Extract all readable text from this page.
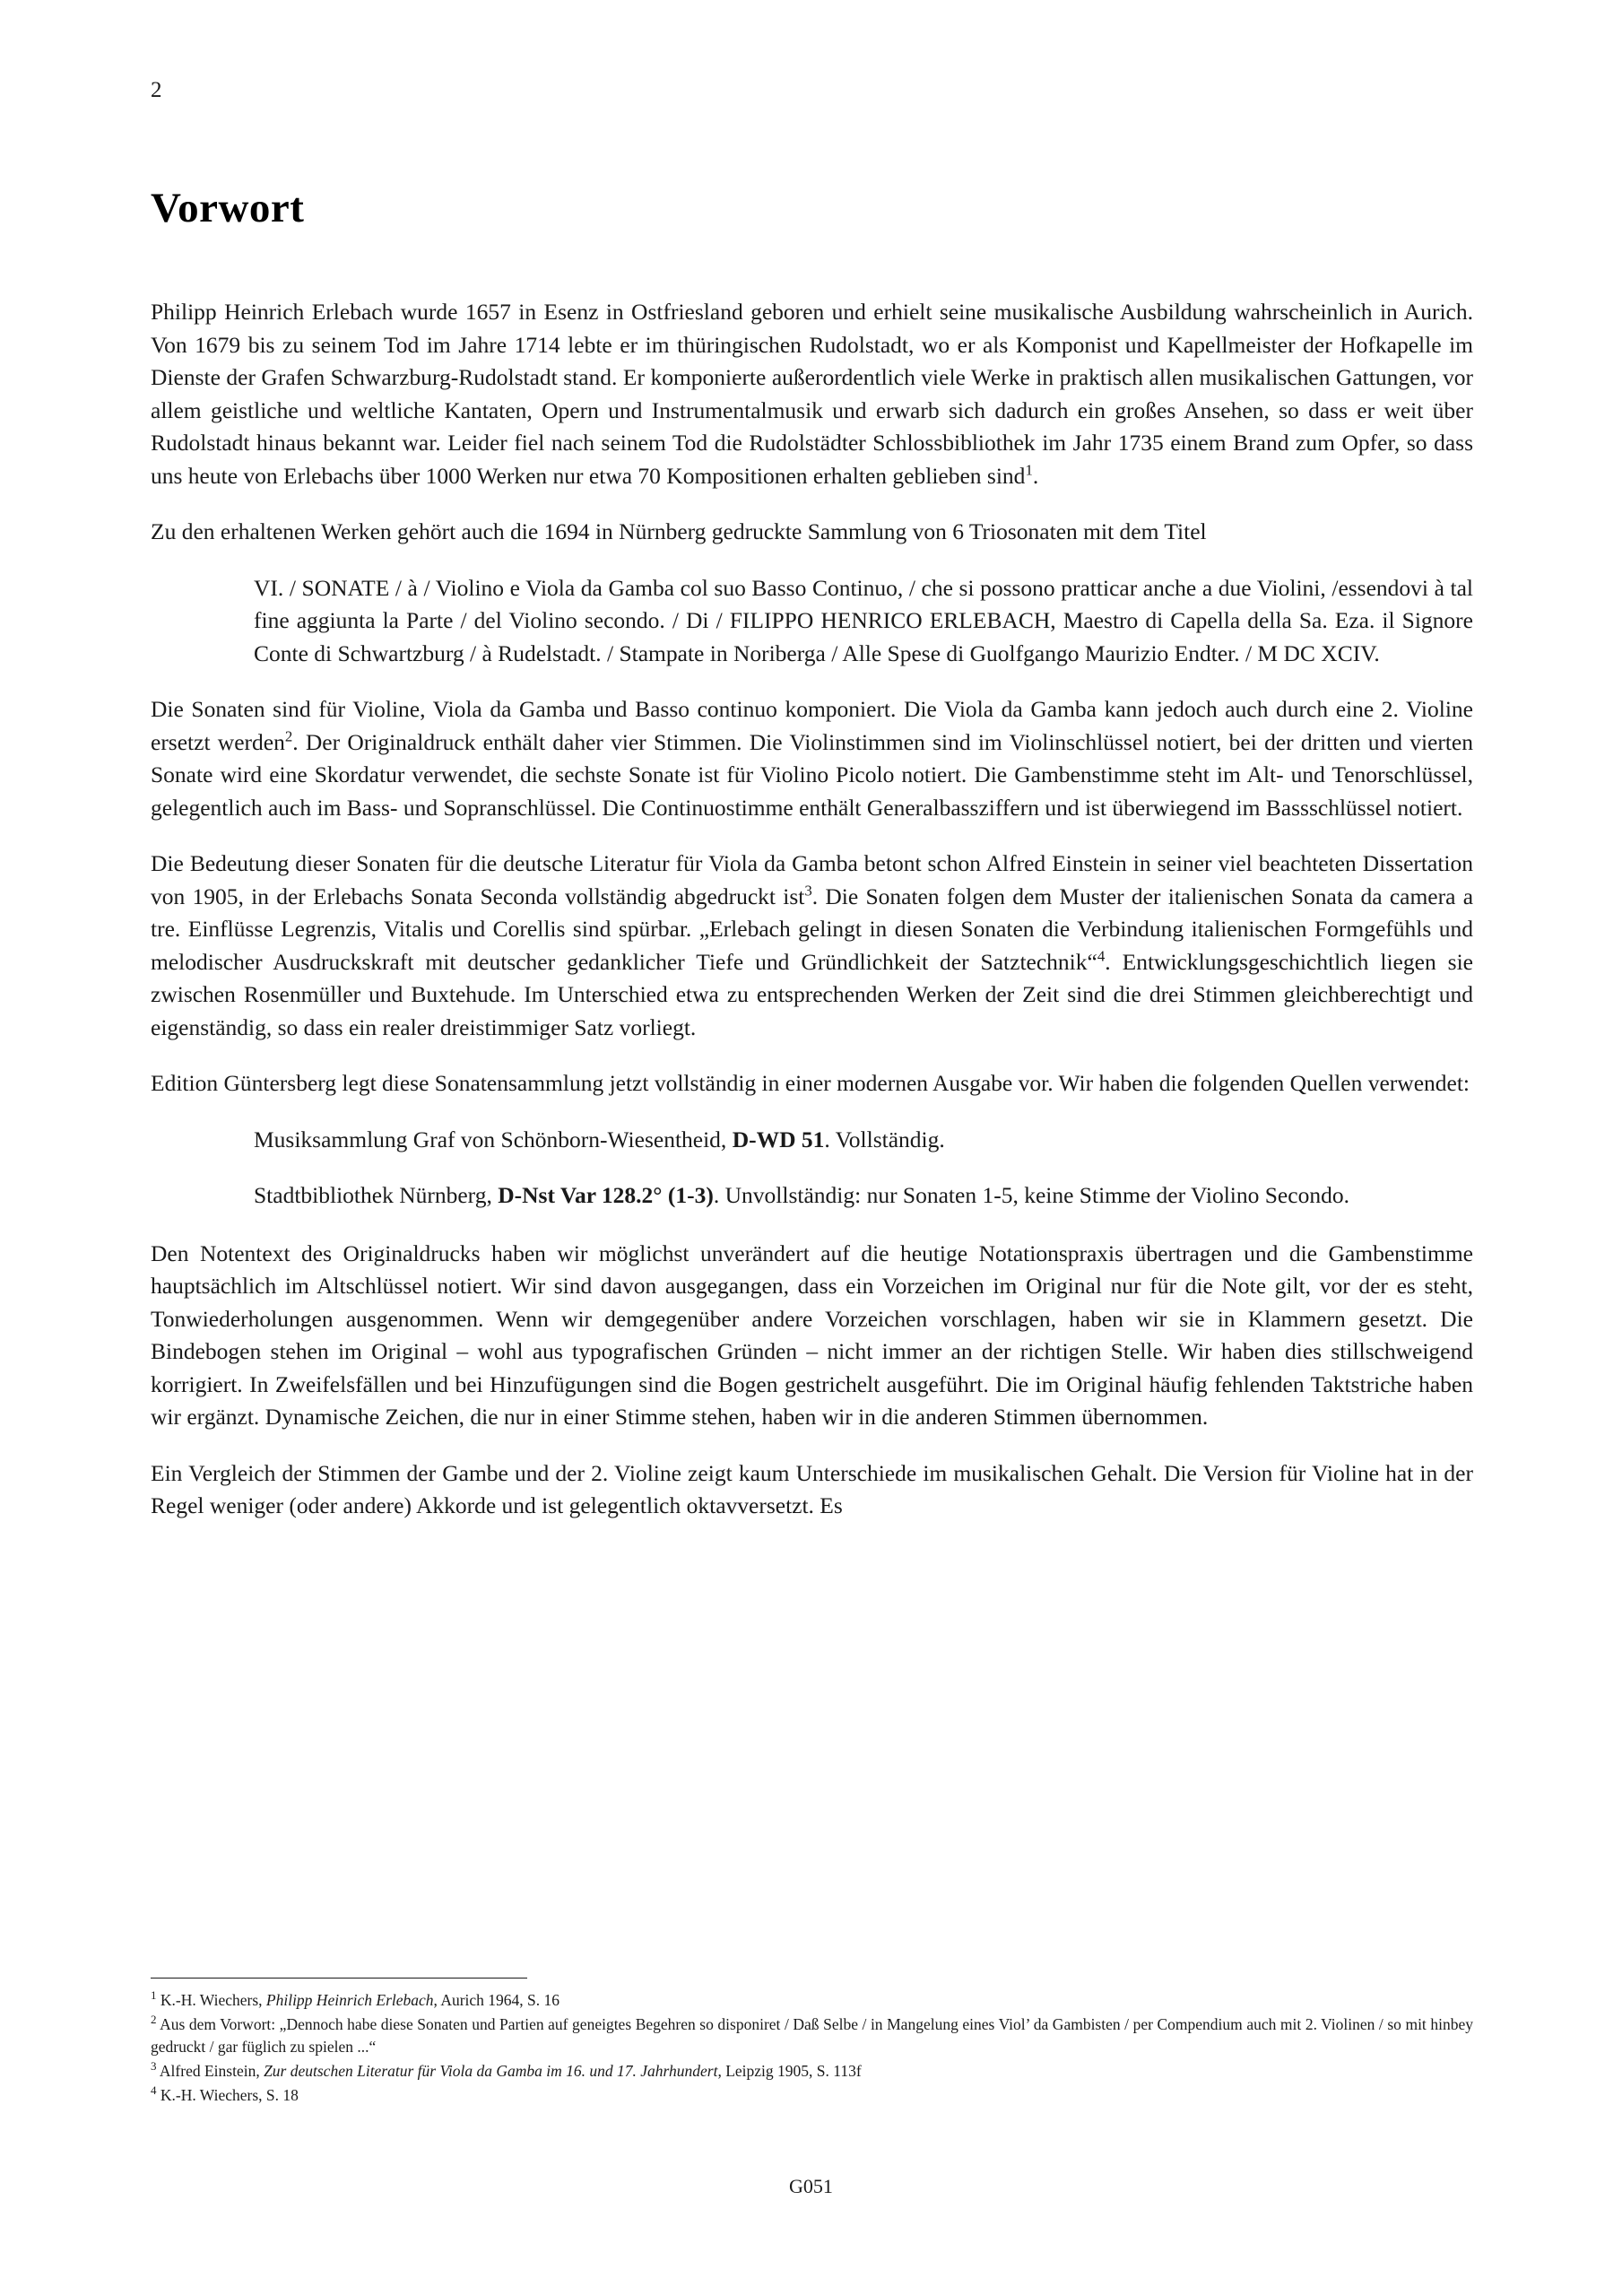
2
Vorwort

Philipp Heinrich Erlebach wurde 1657 in Esenz in Ostfriesland geboren und erhielt seine musikalische Ausbildung wahrscheinlich in Aurich. Von 1679 bis zu seinem Tod im Jahre 1714 lebte er im thüringischen Rudolstadt, wo er als Komponist und Kapellmeister der Hofkapelle im Dienste der Grafen Schwarzburg-Rudolstadt stand. Er komponierte außerordentlich viele Werke in praktisch allen musikalischen Gattungen, vor allem geistliche und weltliche Kantaten, Opern und Instrumentalmusik und erwarb sich dadurch ein großes Ansehen, so dass er weit über Rudolstadt hinaus bekannt war. Leider fiel nach seinem Tod die Rudolstädter Schlossbibliothek im Jahr 1735 einem Brand zum Opfer, so dass uns heute von Erlebachs über 1000 Werken nur etwa 70 Kompositionen erhalten geblieben sind$^1$.

Zu den erhaltenen Werken gehört auch die 1694 in Nürnberg gedruckte Sammlung von 6 Triosonaten mit dem Titel

VI. / SONATE / à / Violino e Viola da Gamba col suo Basso Continuo, / che si possono pratticar anche a due Violini, /essendovi à tal fine aggiunta la Parte / del Violino secondo. / Di / FILIPPO HENRICO ERLEBACH, Maestro di Capella della Sa. Eza. il Signore Conte di Schwartzburg / à Rudelstadt. / Stampate in Noriberga / Alle Spese di Guolfgango Maurizio Endter. / M DC XCIV.

Die Sonaten sind für Violine, Viola da Gamba und Basso continuo komponiert. Die Viola da Gamba kann jedoch auch durch eine 2. Violine ersetzt werden$^2$. Der Originaldruck enthält daher vier Stimmen. Die Violinstimmen sind im Violinschlüssel notiert, bei der dritten und vierten Sonate wird eine Skordatur verwendet, die sechste Sonate ist für Violino Picolo notiert. Die Gambenstimme steht im Alt- und Tenorschlüssel, gelegentlich auch im Bass- und Sopranschlüssel. Die Continuostimme enthält Generalbassziffern und ist überwiegend im Bassschlüssel notiert.

Die Bedeutung dieser Sonaten für die deutsche Literatur für Viola da Gamba betont schon Alfred Einstein in seiner viel beachteten Dissertation von 1905, in der Erlebachs Sonata Seconda vollständig abgedruckt ist$^3$. Die Sonaten folgen dem Muster der italienischen Sonata da camera a tre. Einflüsse Legrenzis, Vitalis und Corellis sind spürbar. „Erlebach gelingt in diesen Sonaten die Verbindung italienischen Formgefühls und melodischer Ausdruckskraft mit deutscher gedanklicher Tiefe und Gründlichkeit der Satztechnik“$^4$. Entwicklungsgeschichtlich liegen sie zwischen Rosenmüller und Buxtehude. Im Unterschied etwa zu entsprechenden Werken der Zeit sind die drei Stimmen gleichberechtigt und eigenständig, so dass ein realer dreistimmiger Satz vorliegt.

Edition Güntersberg legt diese Sonatensammlung jetzt vollständig in einer modernen Ausgabe vor. Wir haben die folgenden Quellen verwendet:

Musiksammlung Graf von Schönborn-Wiesentheid, D-WD 51. Vollständig.

Stadtbibliothek Nürnberg, D-Nst Var 128.2° (1-3). Unvollständig: nur Sonaten 1-5, keine Stimme der Violino Secondo.

Den Notentext des Originaldrucks haben wir möglichst unverändert auf die heutige Notationspraxis übertragen und die Gambenstimme hauptsächlich im Altschlüssel notiert. Wir sind davon ausgegangen, dass ein Vorzeichen im Original nur für die Note gilt, vor der es steht, Tonwiederholungen ausgenommen. Wenn wir demgegenüber andere Vorzeichen vorschlagen, haben wir sie in Klammern gesetzt. Die Bindebogen stehen im Original – wohl aus typografischen Gründen – nicht immer an der richtigen Stelle. Wir haben dies stillschweigend korrigiert. In Zweifelsfällen und bei Hinzufügungen sind die Bogen gestrichelt ausgeführt. Die im Original häufig fehlenden Taktstriche haben wir ergänzt. Dynamische Zeichen, die nur in einer Stimme stehen, haben wir in die anderen Stimmen übernommen.

Ein Vergleich der Stimmen der Gambe und der 2. Violine zeigt kaum Unterschiede im musikalischen Gehalt. Die Version für Violine hat in der Regel weniger (oder andere) Akkorde und ist gelegentlich oktavversetzt. Es

$^1$ K.-H. Wiechers, Philipp Heinrich Erlebach, Aurich 1964, S. 16

$^2$ Aus dem Vorwort: „Dennoch habe diese Sonaten und Partien auf geneigtes Begehren so disponiret / Daß Selbe / in Mangelung eines Viol’ da Gambisten / per Compendium auch mit 2. Violinen / so mit hinbey gedruckt / gar füglich zu spielen ...“

$^3$ Alfred Einstein, Zur deutschen Literatur für Viola da Gamba im 16. und 17. Jahrhundert, Leipzig 1905, S. 113f

$^4$ K.-H. Wiechers, S. 18

G051
